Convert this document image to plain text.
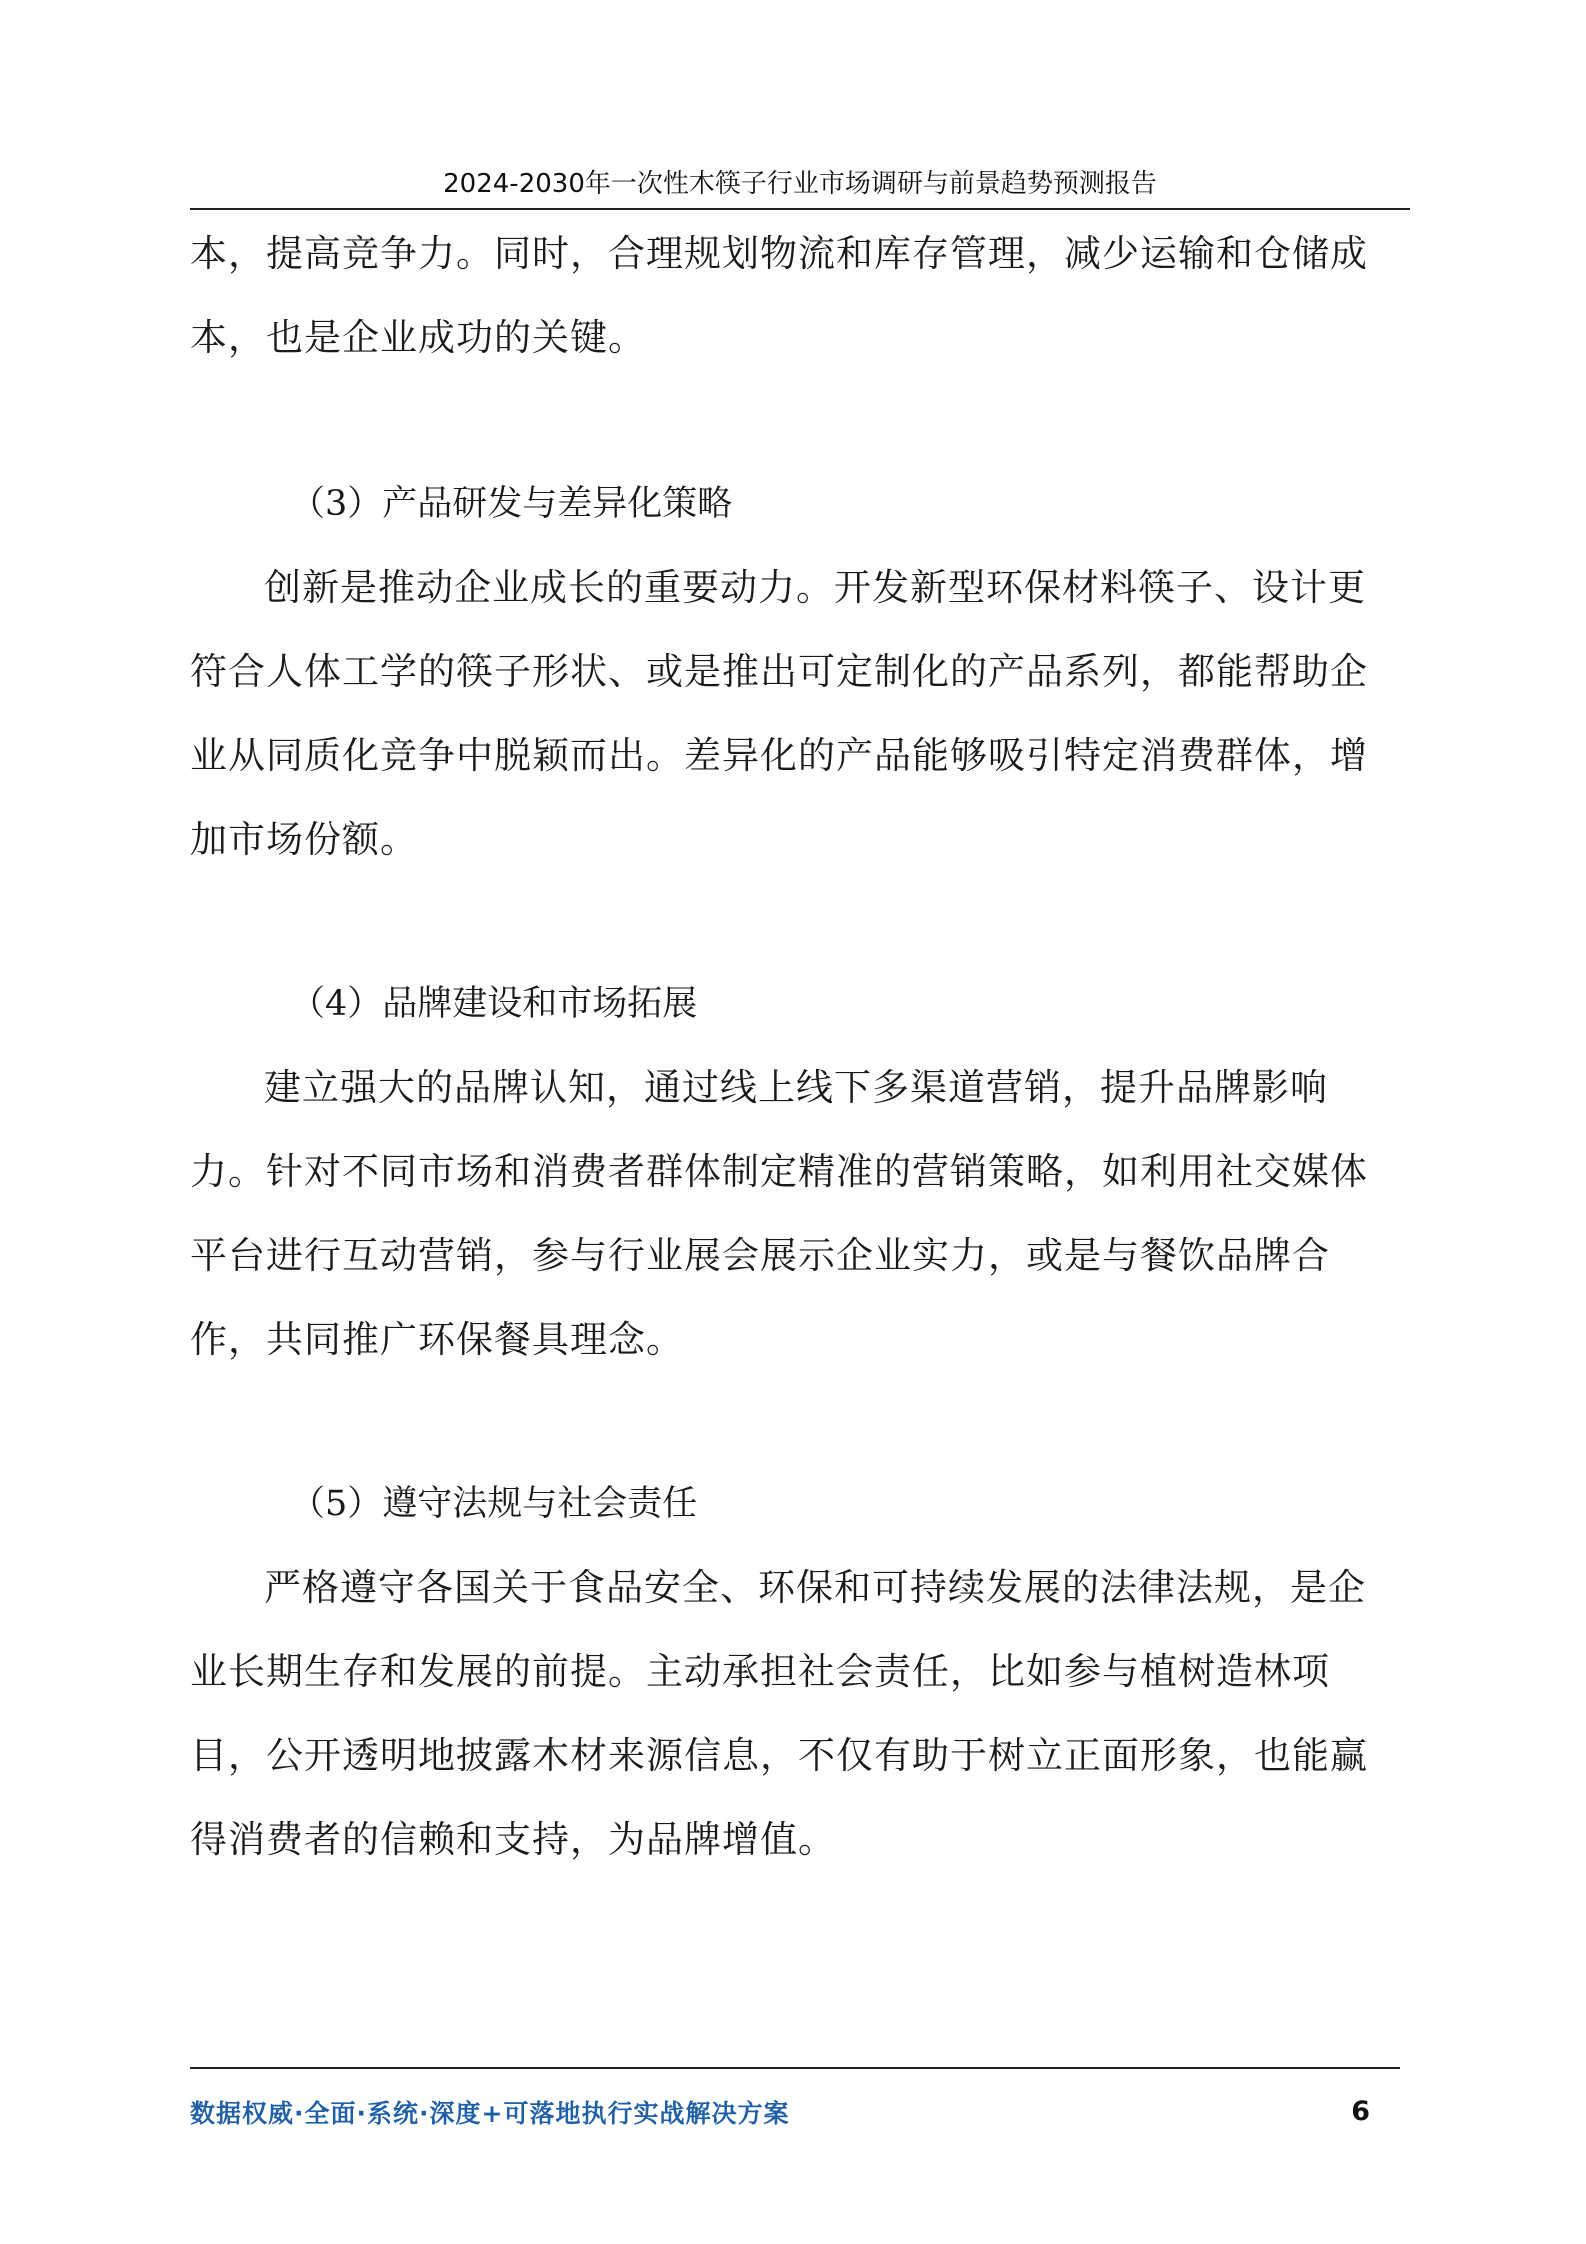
2024-2030年一次性木筷子行业市场调研与前景趋势预测报告

本，提高竞争力。同时，合理规划物流和库存管理，减少运输和仓储成本，也是企业成功的关键。

（3）产品研发与差异化策略

创新是推动企业成长的重要动力。开发新型环保材料筷子、设计更符合人体工学的筷子形状、或是推出可定制化的产品系列，都能帮助企业从同质化竞争中脱颖而出。差异化的产品能够吸引特定消费群体，增加市场份额。

（4）品牌建设和市场拓展

建立强大的品牌认知，通过线上线下多渠道营销，提升品牌影响力。针对不同市场和消费者群体制定精准的营销策略，如利用社交媒体平台进行互动营销，参与行业展会展示企业实力，或是与餐饮品牌合作，共同推广环保餐具理念。

（5）遵守法规与社会责任

严格遵守各国关于食品安全、环保和可持续发展的法律法规，是企业长期生存和发展的前提。主动承担社会责任，比如参与植树造林项目，公开透明地披露木材来源信息，不仅有助于树立正面形象，也能赢得消费者的信赖和支持，为品牌增值。

数据权威·全面·系统·深度+可落地执行实战解决方案	6
